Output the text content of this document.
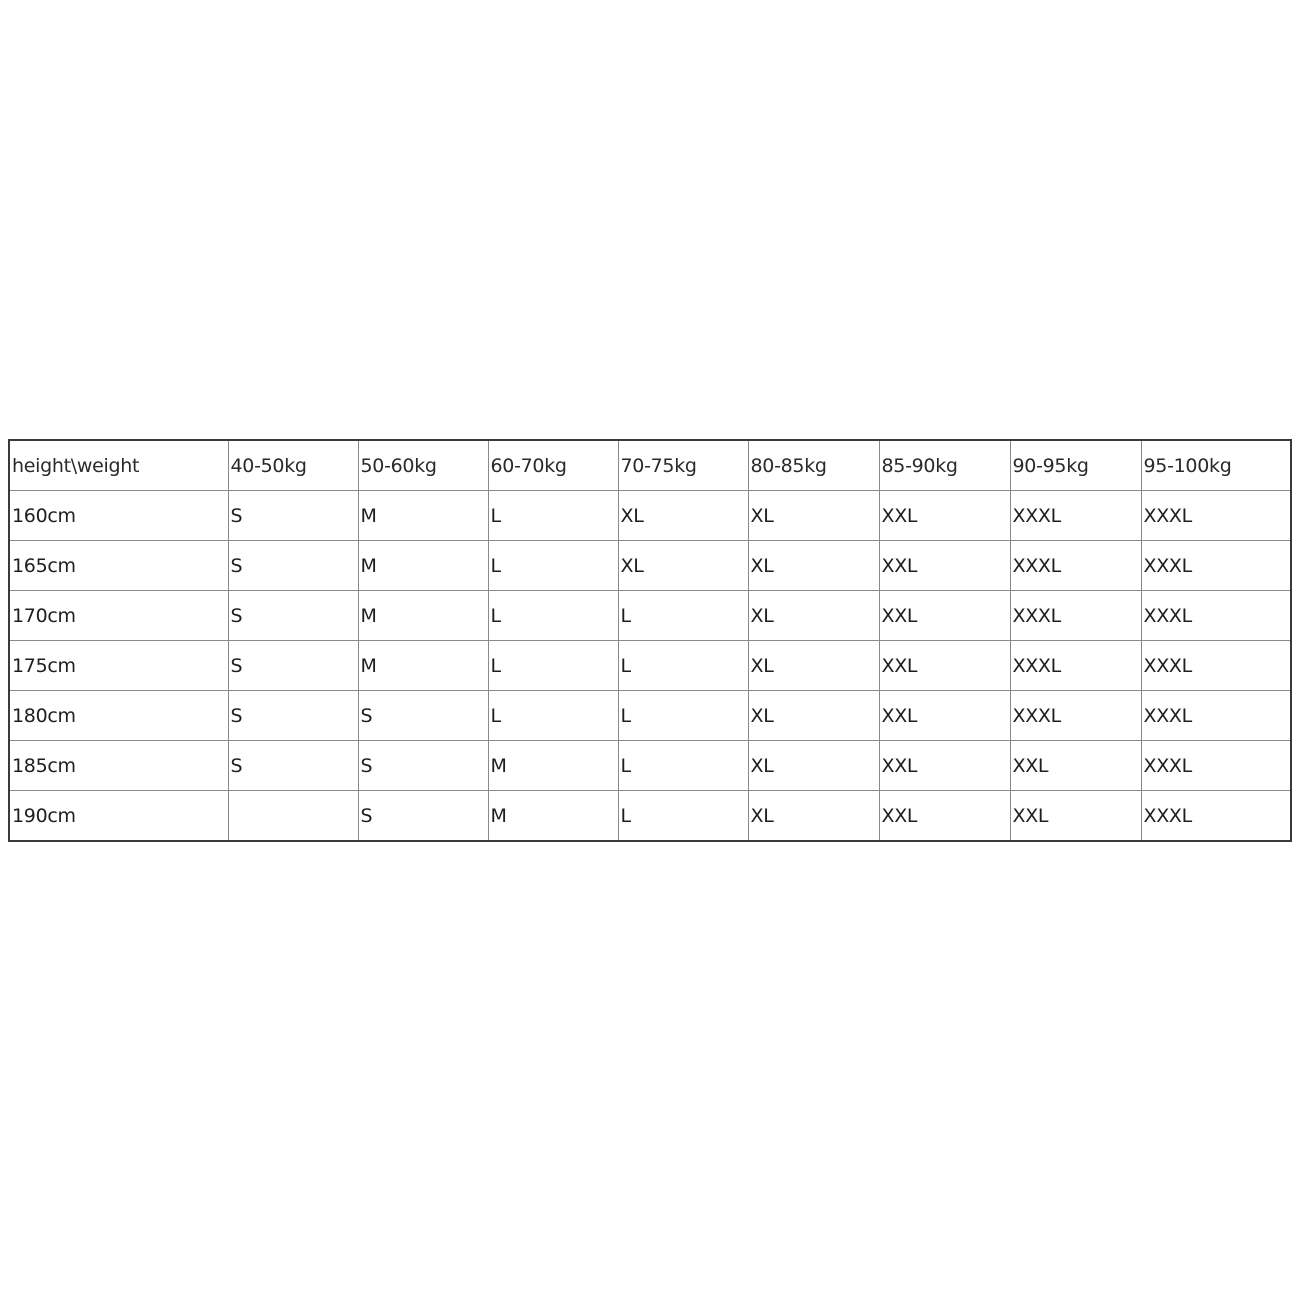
height\weight	40-50kg	50-60kg	60-70kg	70-75kg	80-85kg	85-90kg	90-95kg	95-100kg
160cm	S	M	L	XL	XL	XXL	XXXL	XXXL
165cm	S	M	L	XL	XL	XXL	XXXL	XXXL
170cm	S	M	L	L	XL	XXL	XXXL	XXXL
175cm	S	M	L	L	XL	XXL	XXXL	XXXL
180cm	S	S	L	L	XL	XXL	XXXL	XXXL
185cm	S	S	M	L	XL	XXL	XXL	XXXL
190cm		S	M	L	XL	XXL	XXL	XXXL
